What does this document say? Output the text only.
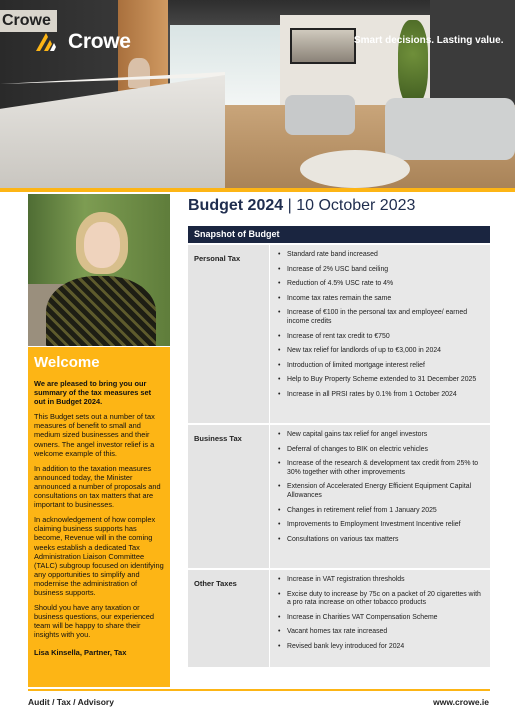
Crowe
Crowe	Smart decisions. Lasting value.
Welcome

We are pleased to bring you our summary of the tax measures set out in Budget 2024.

This Budget sets out a number of tax measures of benefit to small and medium sized businesses and their owners. The angel investor relief is a welcome example of this.

In addition to the taxation measures announced today, the Minister announced a number of proposals and consultations on tax matters that are important to businesses.

In acknowledgement of how complex claiming business supports has become, Revenue will in the coming weeks establish a dedicated Tax Administration Liaison Committee (TALC) subgroup focused on identifying any opportunities to simplify and modernise the administration of business supports.

Should you have any taxation or business questions, our experienced team will be happy to share their insights with you.

Lisa Kinsella, Partner, Tax
Budget 2024 | 10 October 2023
Snapshot of Budget
Personal Tax	• Standard rate band increased
• Increase of 2% USC band ceiling
• Reduction of 4.5% USC rate to 4%
• Income tax rates remain the same
• Increase of €100 in the personal tax and employee/ earned income credits
• Increase of rent tax credit to €750
• New tax relief for landlords of up to €3,000 in 2024
• Introduction of limited mortgage interest relief
• Help to Buy Property Scheme extended to 31 December 2025
• Increase in all PRSI rates by 0.1% from 1 October 2024
Business Tax	• New capital gains tax relief for angel investors
• Deferral of changes to BIK on electric vehicles
• Increase of the research & development tax credit from 25% to 30% together with other improvements
• Extension of Accelerated Energy Efficient Equipment Capital Allowances
• Changes in retirement relief from 1 January 2025
• Improvements to Employment Investment Incentive relief
• Consultations on various tax matters
Other Taxes	• Increase in VAT registration thresholds
• Excise duty to increase by 75c on a packet of 20 cigarettes with a pro rata increase on other tobacco products
• Increase in Charities VAT Compensation Scheme
• Vacant homes tax rate increased
• Revised bank levy introduced for 2024
Audit / Tax / Advisory	www.crowe.ie
